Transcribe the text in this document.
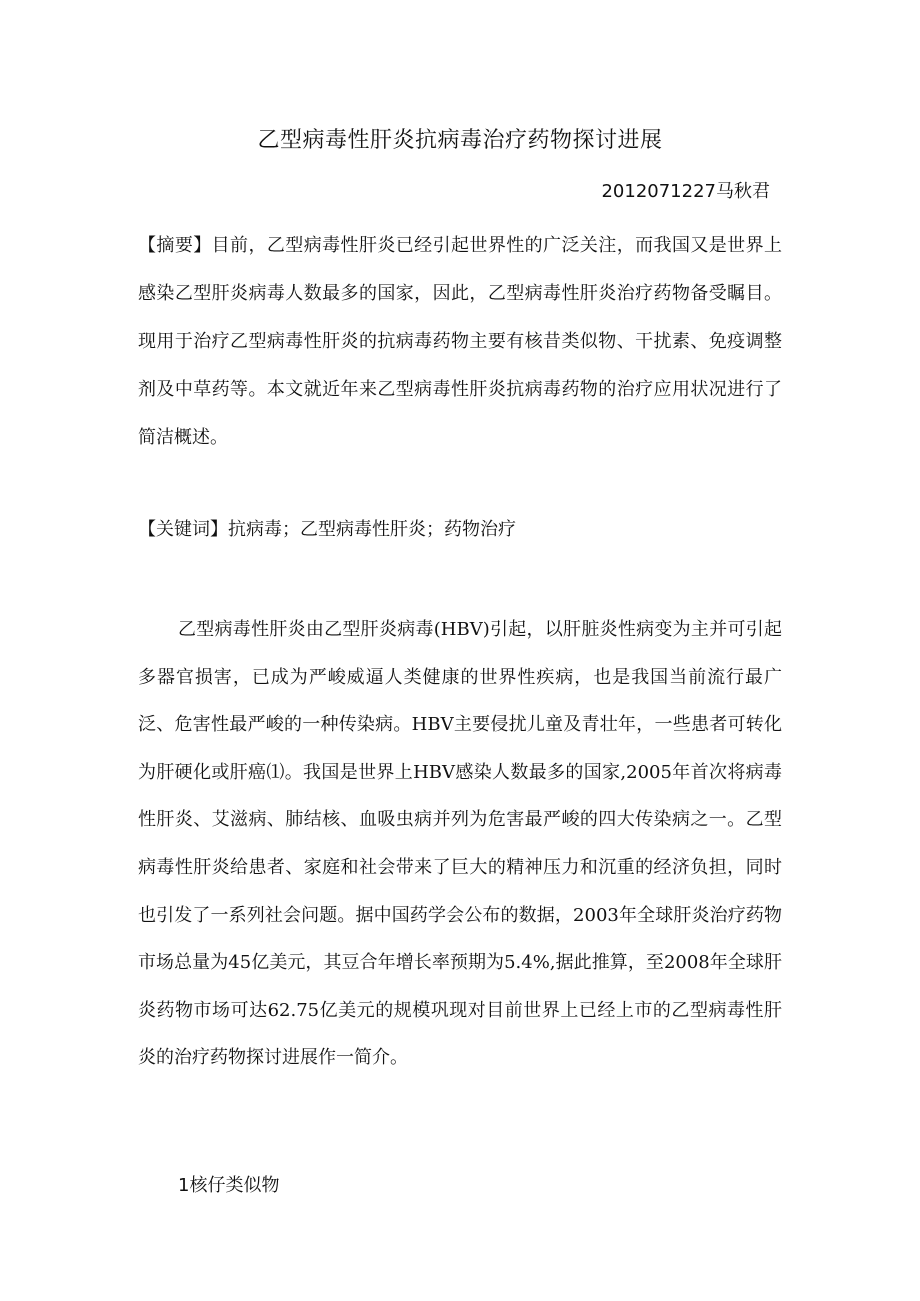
乙型病毒性肝炎抗病毒治疗药物探讨进展
2012071227马秋君

【摘要】目前，乙型病毒性肝炎已经引起世界性的广泛关注，而我国又是世界上感染乙型肝炎病毒人数最多的国家，因此，乙型病毒性肝炎治疗药物备受瞩目。现用于治疗乙型病毒性肝炎的抗病毒药物主要有核昔类似物、干扰素、免疫调整剂及中草药等。本文就近年来乙型病毒性肝炎抗病毒药物的治疗应用状况进行了简洁概述。

【关键词】抗病毒；乙型病毒性肝炎；药物治疗

乙型病毒性肝炎由乙型肝炎病毒(HBV)引起，以肝脏炎性病变为主并可引起多器官损害，已成为严峻威逼人类健康的世界性疾病，也是我国当前流行最广泛、危害性最严峻的一种传染病。HBV主要侵扰儿童及青壮年，一些患者可转化为肝硬化或肝癌⑴。我国是世界上HBV感染人数最多的国家,2005年首次将病毒性肝炎、艾滋病、肺结核、血吸虫病并列为危害最严峻的四大传染病之一。乙型病毒性肝炎给患者、家庭和社会带来了巨大的精神压力和沉重的经济负担，同时也引发了一系列社会问题。据中国药学会公布的数据，2003年全球肝炎治疗药物市场总量为45亿美元，其豆合年增长率预期为5.4%,据此推算，至2008年全球肝炎药物市场可达62.75亿美元的规模巩现对目前世界上已经上市的乙型病毒性肝炎的治疗药物探讨进展作一简介。

1核仔类似物
